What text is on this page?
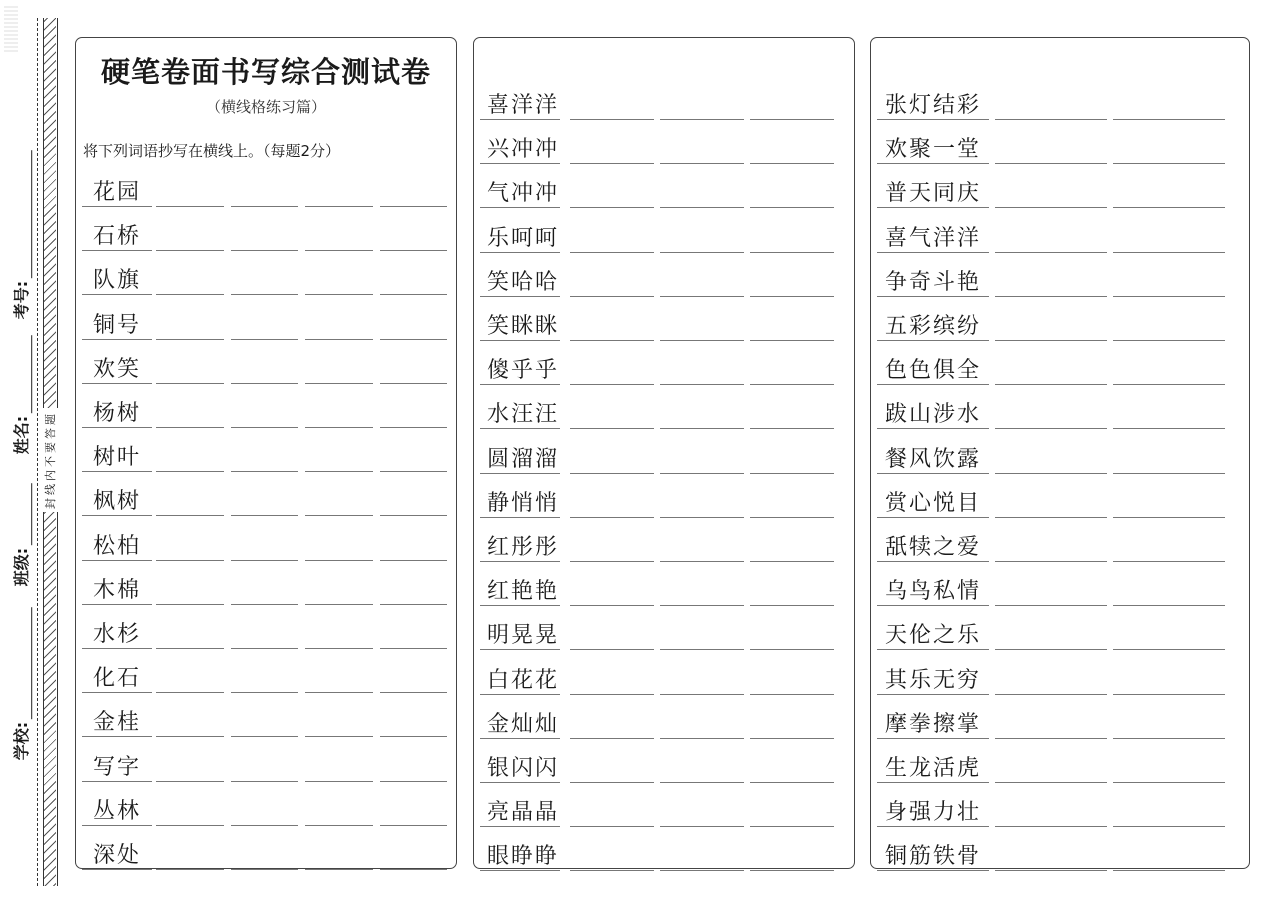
封线内不要答题
学校:
班级:
姓名:
考号:
硬笔卷面书写综合测试卷
（横线格练习篇）
将下列词语抄写在横线上。（每题2分）
花园
石桥
队旗
铜号
欢笑
杨树
树叶
枫树
松柏
木棉
水杉
化石
金桂
写字
丛林
深处
喜洋洋
兴冲冲
气冲冲
乐呵呵
笑哈哈
笑眯眯
傻乎乎
水汪汪
圆溜溜
静悄悄
红彤彤
红艳艳
明晃晃
白花花
金灿灿
银闪闪
亮晶晶
眼睁睁
张灯结彩
欢聚一堂
普天同庆
喜气洋洋
争奇斗艳
五彩缤纷
色色俱全
跋山涉水
餐风饮露
赏心悦目
舐犊之爱
乌鸟私情
天伦之乐
其乐无穷
摩拳擦掌
生龙活虎
身强力壮
铜筋铁骨
